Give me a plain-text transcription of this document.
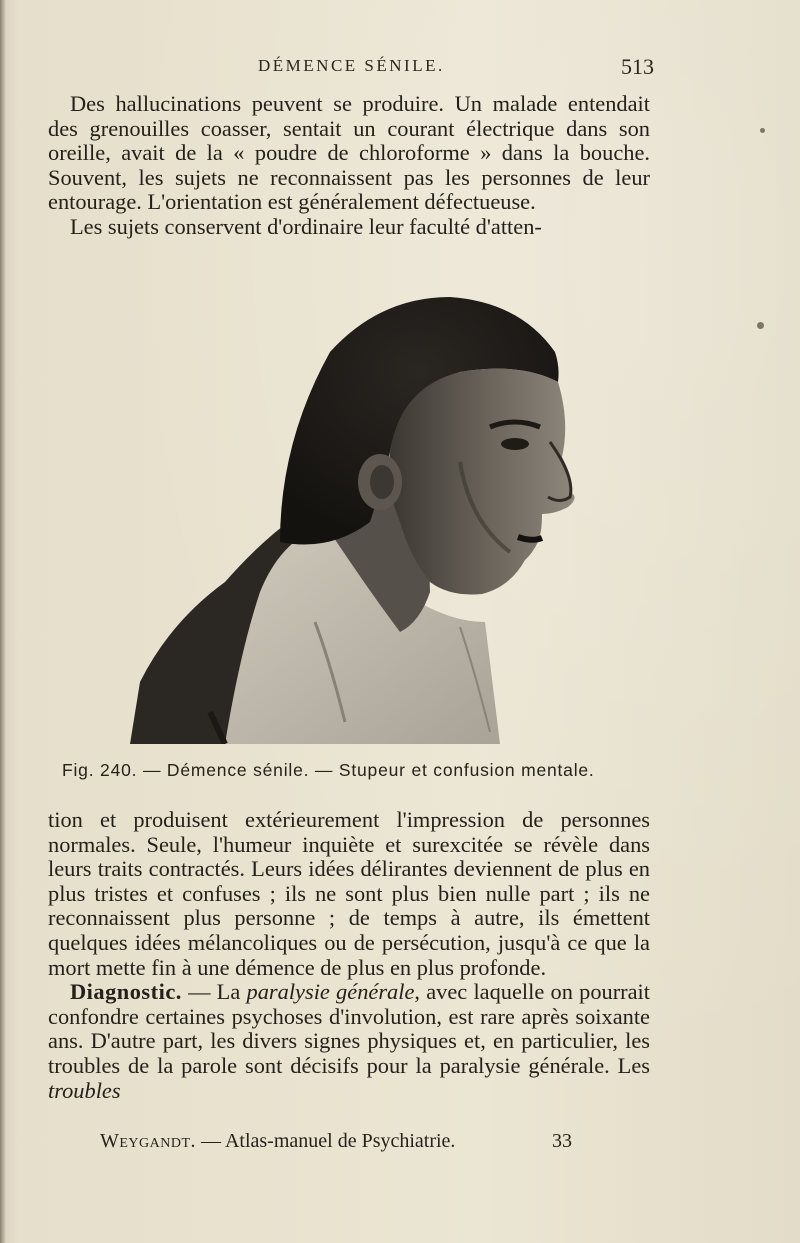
DÉMENCE SÉNILE.	513

Des hallucinations peuvent se produire. Un malade entendait des grenouilles coasser, sentait un courant électrique dans son oreille, avait de la « poudre de chloroforme » dans la bouche. Souvent, les sujets ne reconnaissent pas les personnes de leur entourage. L'orientation est généralement défectueuse.

Les sujets conservent d'ordinaire leur faculté d'atten-

Fig. 240. — Démence sénile. — Stupeur et confusion mentale.

tion et produisent extérieurement l'impression de personnes normales. Seule, l'humeur inquiète et surexcitée se révèle dans leurs traits contractés. Leurs idées délirantes deviennent de plus en plus tristes et confuses ; ils ne sont plus bien nulle part ; ils ne reconnaissent plus personne ; de temps à autre, ils émettent quelques idées mélancoliques ou de persécution, jusqu'à ce que la mort mette fin à une démence de plus en plus profonde.

Diagnostic. — La paralysie générale, avec laquelle on pourrait confondre certaines psychoses d'involution, est rare après soixante ans. D'autre part, les divers signes physiques et, en particulier, les troubles de la parole sont décisifs pour la paralysie générale. Les troubles

Weygandt. — Atlas-manuel de Psychiatrie.	33
